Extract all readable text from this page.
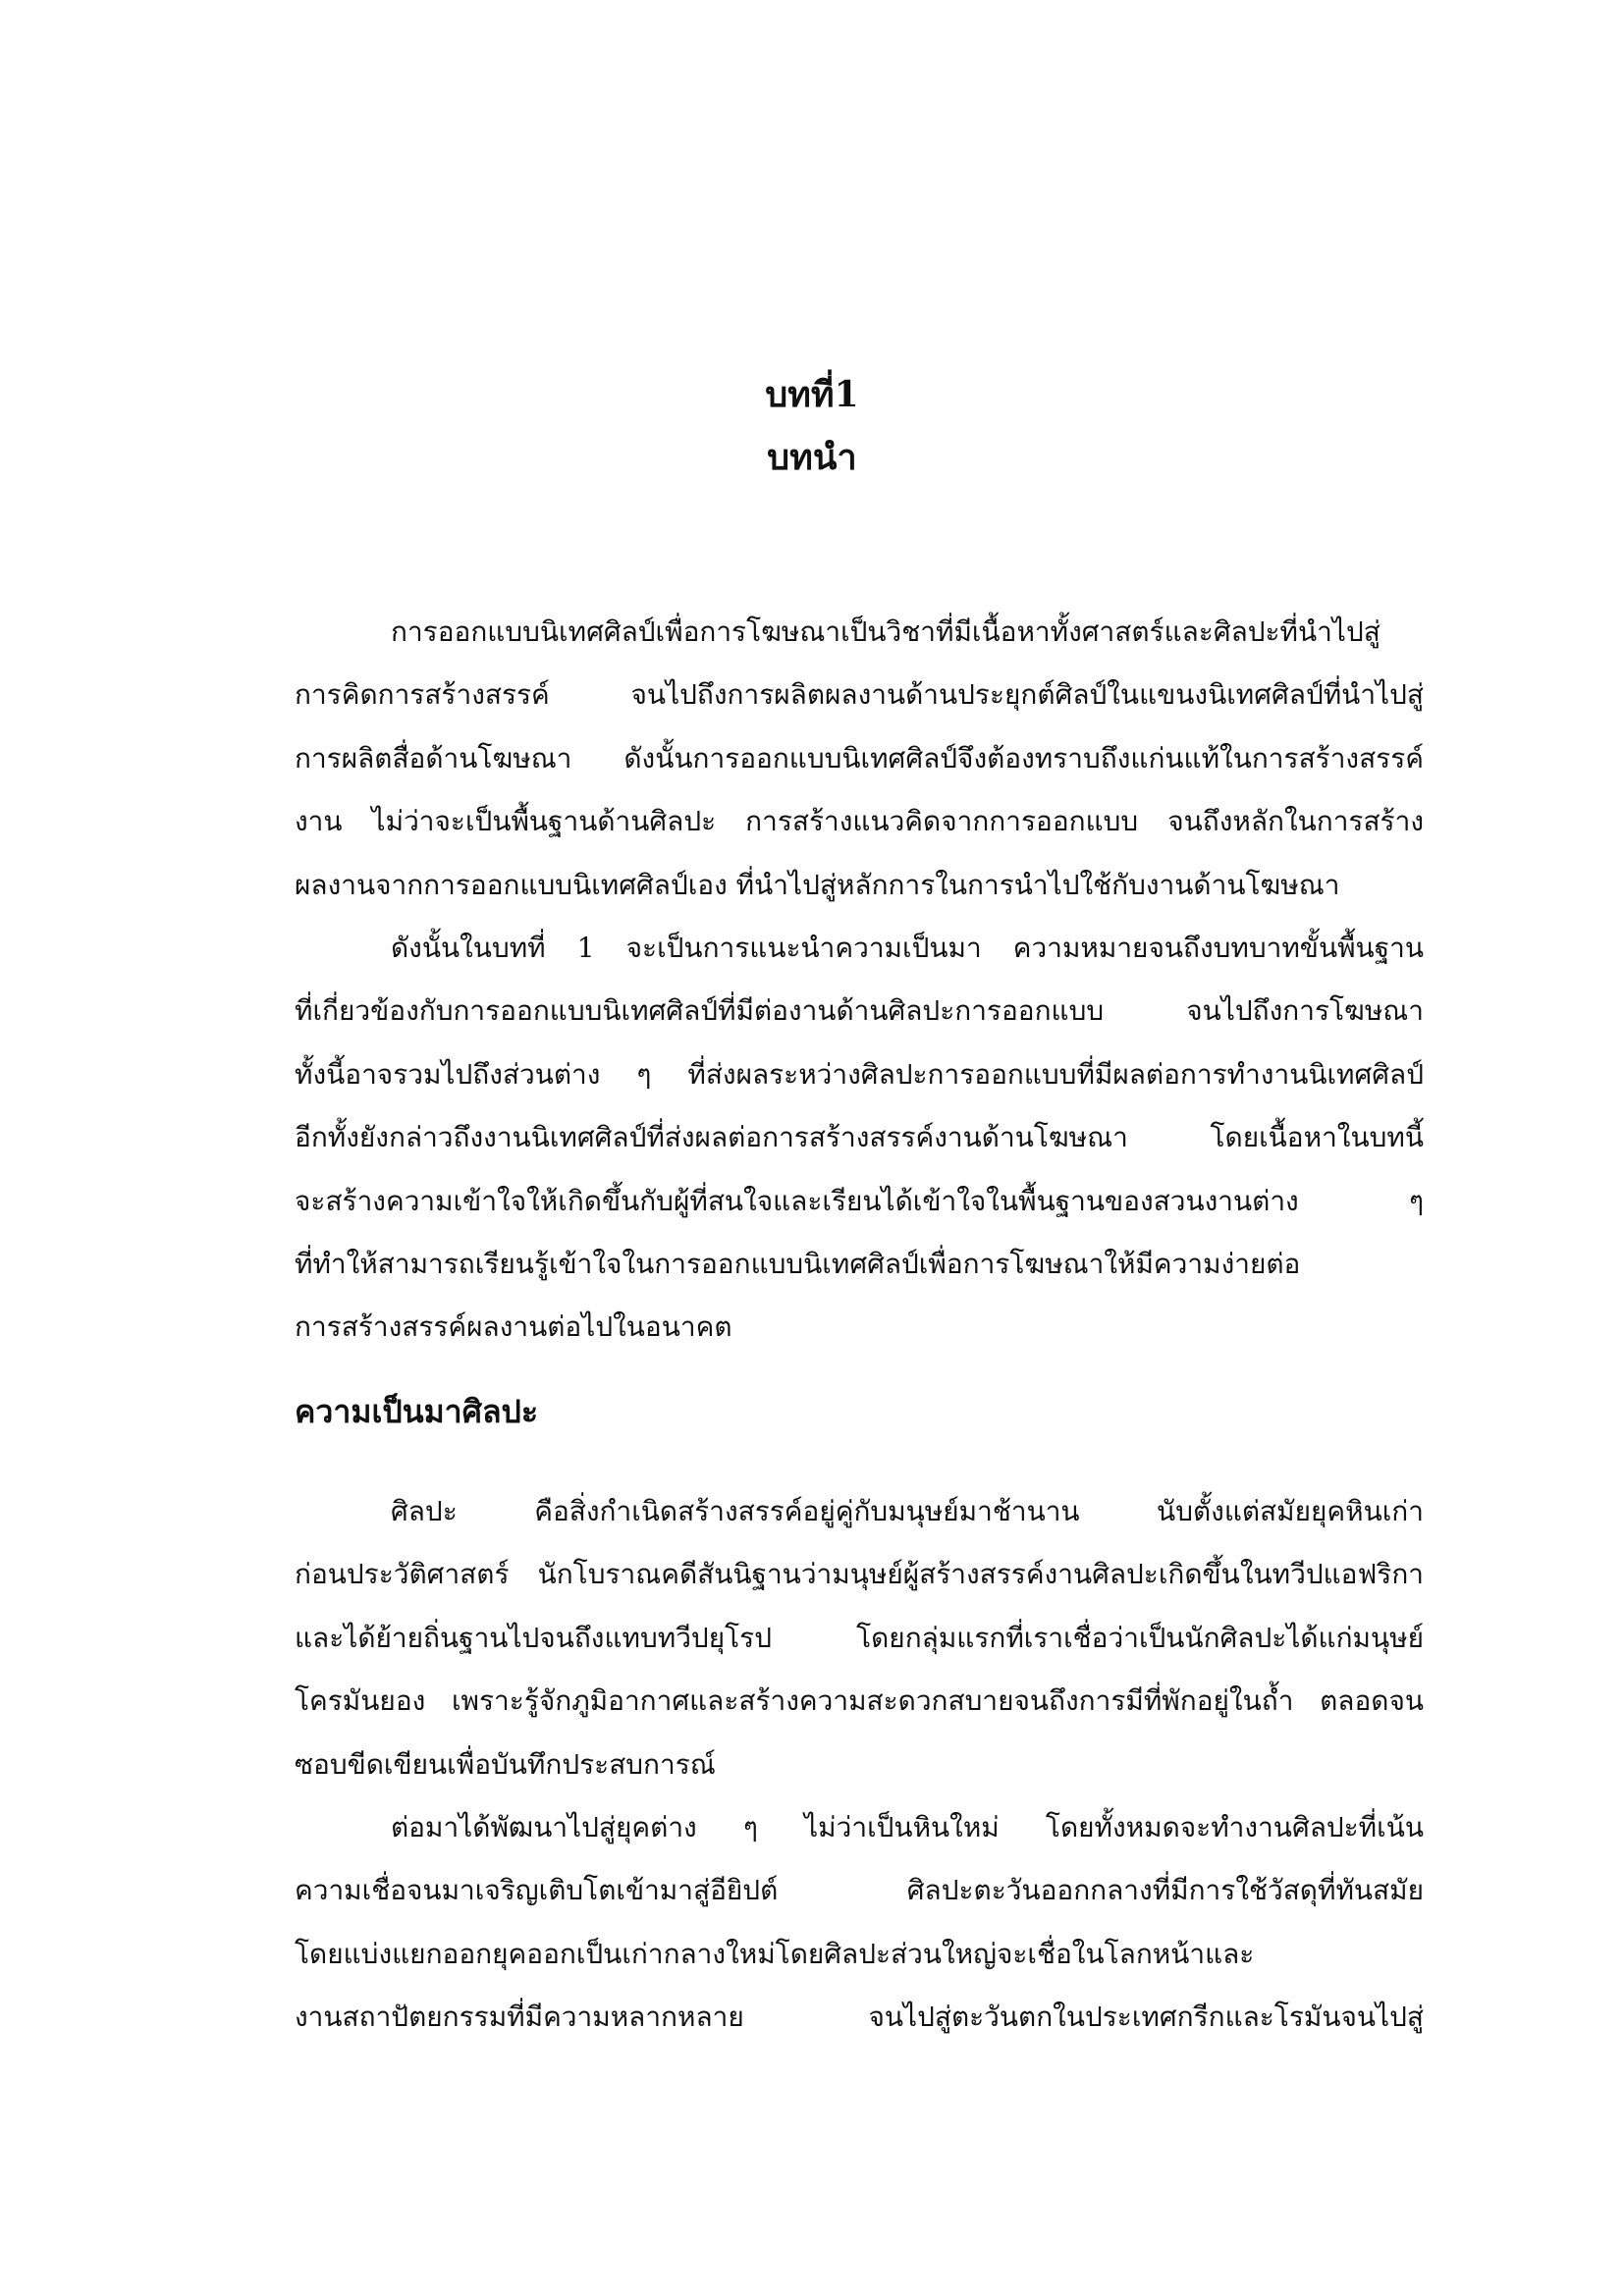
บทที่1
บทนำ
การออกแบบนิเทศศิลป์เพื่อการโฆษณาเป็นวิชาที่มีเนื้อหาทั้งศาสตร์และศิลปะที่นำไปสู่
การคิดการสร้างสรรค์ จนไปถึงการผลิตผลงานด้านประยุกต์ศิลป์ในแขนงนิเทศศิลป์ที่นำไปสู่
การผลิตสื่อด้านโฆษณา ดังนั้นการออกแบบนิเทศศิลป์จึงต้องทราบถึงแก่นแท้ในการสร้างสรรค์
งาน ไม่ว่าจะเป็นพื้นฐานด้านศิลปะ การสร้างแนวคิดจากการออกแบบ จนถึงหลักในการสร้าง
ผลงานจากการออกแบบนิเทศศิลป์เอง ที่นำไปสู่หลักการในการนำไปใช้กับงานด้านโฆษณา
ดังนั้นในบทที่ 1 จะเป็นการแนะนำความเป็นมา ความหมายจนถึงบทบาทขั้นพื้นฐาน
ที่เกี่ยวข้องกับการออกแบบนิเทศศิลป์ที่มีต่องานด้านศิลปะการออกแบบ จนไปถึงการโฆษณา
ทั้งนี้อาจรวมไปถึงส่วนต่าง ๆ ที่ส่งผลระหว่างศิลปะการออกแบบที่มีผลต่อการทำงานนิเทศศิลป์
อีกทั้งยังกล่าวถึงงานนิเทศศิลป์ที่ส่งผลต่อการสร้างสรรค์งานด้านโฆษณา โดยเนื้อหาในบทนี้
จะสร้างความเข้าใจให้เกิดขึ้นกับผู้ที่สนใจและเรียนได้เข้าใจในพื้นฐานของสวนงานต่าง ๆ
ที่ทำให้สามารถเรียนรู้เข้าใจในการออกแบบนิเทศศิลป์เพื่อการโฆษณาให้มีความง่ายต่อ
การสร้างสรรค์ผลงานต่อไปในอนาคต
ความเป็นมาศิลปะ
ศิลปะ คือสิ่งกำเนิดสร้างสรรค์อยู่คู่กับมนุษย์มาช้านาน นับตั้งแต่สมัยยุคหินเก่า
ก่อนประวัติศาสตร์ นักโบราณคดีสันนิฐานว่ามนุษย์ผู้สร้างสรรค์งานศิลปะเกิดขึ้นในทวีปแอฟริกา
และได้ย้ายถิ่นฐานไปจนถึงแทบทวีปยุโรป โดยกลุ่มแรกที่เราเชื่อว่าเป็นนักศิลปะได้แก่มนุษย์
โครมันยอง เพราะรู้จักภูมิอากาศและสร้างความสะดวกสบายจนถึงการมีที่พักอยู่ในถ้ำ ตลอดจน
ซอบขีดเขียนเพื่อบันทึกประสบการณ์
ต่อมาได้พัฒนาไปสู่ยุคต่าง ๆ ไม่ว่าเป็นหินใหม่ โดยทั้งหมดจะทำงานศิลปะที่เน้น
ความเชื่อจนมาเจริญเติบโตเข้ามาสู่อียิปต์ ศิลปะตะวันออกกลางที่มีการใช้วัสดุที่ทันสมัย
โดยแบ่งแยกออกยุคออกเป็นเก่ากลางใหม่โดยศิลปะส่วนใหญ่จะเชื่อในโลกหน้าและ
งานสถาปัตยกรรมที่มีความหลากหลาย จนไปสู่ตะวันตกในประเทศกรีกและโรมันจนไปสู่
